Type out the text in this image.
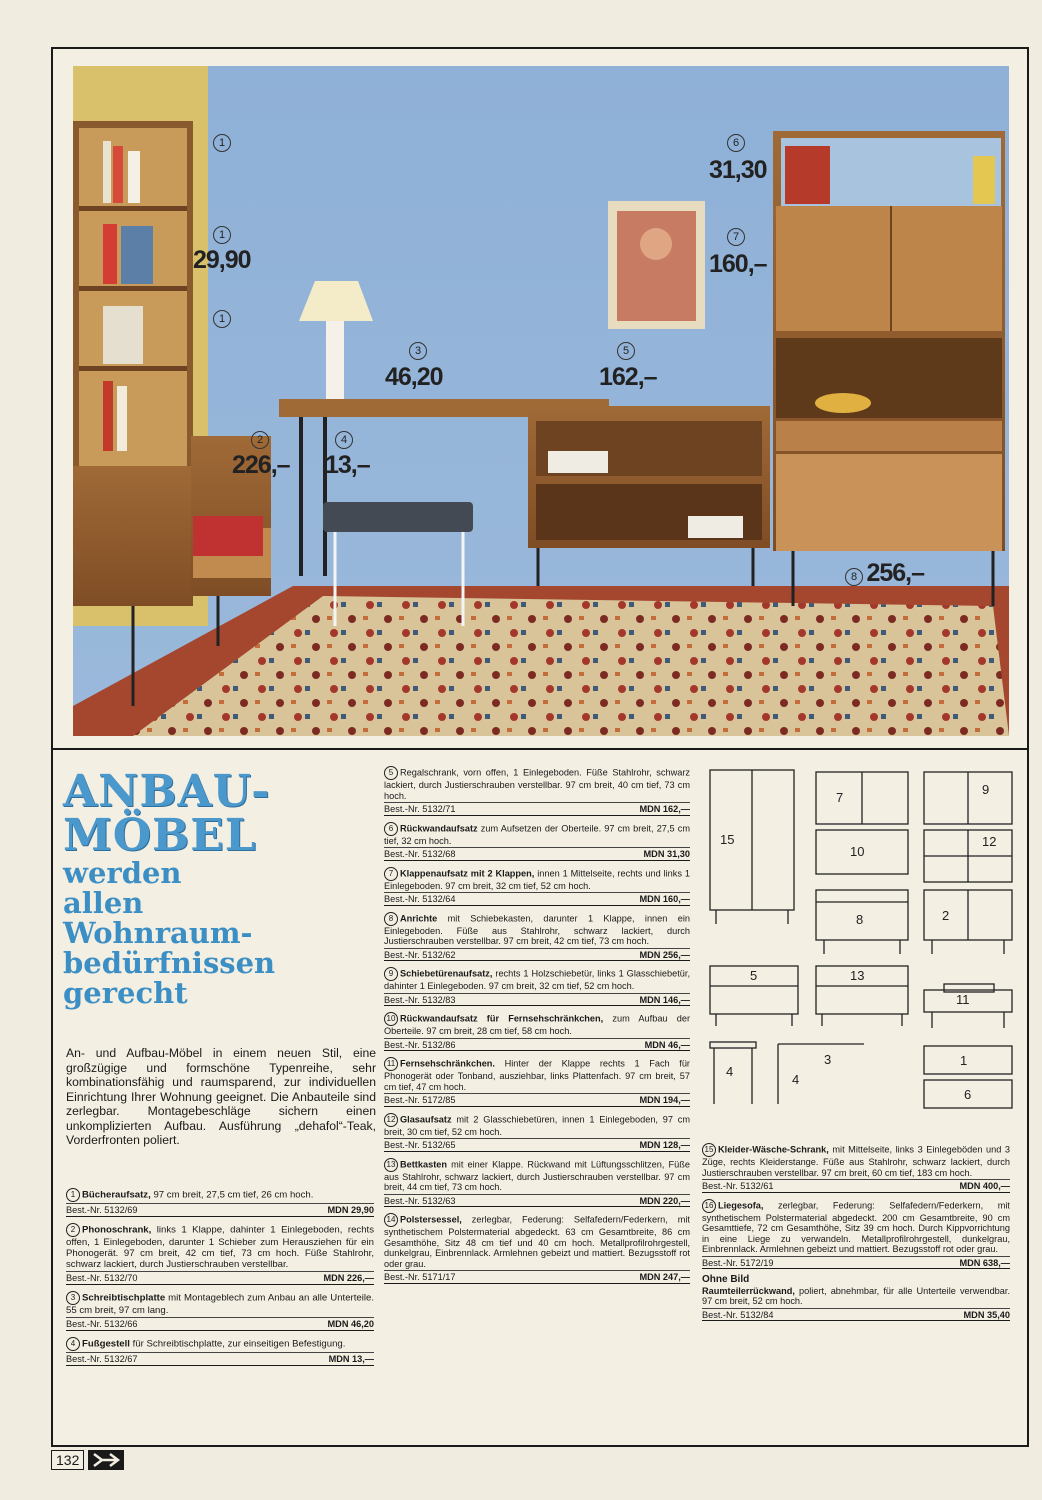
1
1
29,90
1
2
226,–
3
46,20
4
13,–
5
162,–
6
31,30
7
160,–
8 256,–
ANBAU-
MÖBEL
werden
allen
Wohnraum-
bedürfnissen
gerecht
An- und Aufbau-Möbel in einem neuen Stil, eine großzügige und formschöne Typenreihe, sehr kombinationsfähig und raumsparend, zur individuellen Einrichtung Ihrer Wohnung geeignet. Die Anbauteile sind zerlegbar. Montagebeschläge sichern einen unkomplizierten Aufbau. Ausführung „dehafol“-Teak, Vorderfronten poliert.
1 Bücheraufsatz, 97 cm breit, 27,5 cm tief, 26 cm hoch.
Best.-Nr. 5132/69	MDN 29,90
2 Phonoschrank, links 1 Klappe, dahinter 1 Einlegeboden, rechts offen, 1 Einlegeboden, darunter 1 Schieber zum Herausziehen für ein Phonogerät. 97 cm breit, 42 cm tief, 73 cm hoch. Füße Stahlrohr, schwarz lackiert, durch Justierschrauben verstellbar.
Best.-Nr. 5132/70	MDN 226,—
3 Schreibtischplatte mit Montageblech zum Anbau an alle Unterteile. 55 cm breit, 97 cm lang.
Best.-Nr. 5132/66	MDN 46,20
4 Fußgestell für Schreibtischplatte, zur einseitigen Befestigung.
Best.-Nr. 5132/67	MDN 13,—
5 Regalschrank, vorn offen, 1 Einlegeboden. Füße Stahlrohr, schwarz lackiert, durch Justierschrauben verstellbar. 97 cm breit, 40 cm tief, 73 cm hoch.
Best.-Nr. 5132/71	MDN 162,—
6 Rückwandaufsatz zum Aufsetzen der Oberteile. 97 cm breit, 27,5 cm tief, 32 cm hoch.
Best.-Nr. 5132/68	MDN 31,30
7 Klappenaufsatz mit 2 Klappen, innen 1 Mittelseite, rechts und links 1 Einlegeboden. 97 cm breit, 32 cm tief, 52 cm hoch.
Best.-Nr. 5132/64	MDN 160,—
8 Anrichte mit Schiebekasten, darunter 1 Klappe, innen ein Einlegeboden. Füße aus Stahlrohr, schwarz lackiert, durch Justierschrauben verstellbar. 97 cm breit, 42 cm tief, 73 cm hoch.
Best.-Nr. 5132/62	MDN 256,—
9 Schiebetürenaufsatz, rechts 1 Holzschiebetür, links 1 Glasschiebetür, dahinter 1 Einlegeboden. 97 cm breit, 32 cm tief, 52 cm hoch.
Best.-Nr. 5132/83	MDN 146,—
10 Rückwandaufsatz für Fernsehschränkchen, zum Aufbau der Oberteile. 97 cm breit, 28 cm tief, 58 cm hoch.
Best.-Nr. 5132/86	MDN 46,—
11 Fernsehschränkchen. Hinter der Klappe rechts 1 Fach für Phonogerät oder Tonband, ausziehbar, links Plattenfach. 97 cm breit, 57 cm tief, 47 cm hoch.
Best.-Nr. 5172/85	MDN 194,—
12 Glasaufsatz mit 2 Glasschiebetüren, innen 1 Einlegeboden, 97 cm breit, 30 cm tief, 52 cm hoch.
Best.-Nr. 5132/65	MDN 128,—
13 Bettkasten mit einer Klappe. Rückwand mit Lüftungsschlitzen, Füße aus Stahlrohr, schwarz lackiert, durch Justierschrauben verstellbar. 97 cm breit, 44 cm tief, 73 cm hoch.
Best.-Nr. 5132/63	MDN 220,—
14 Polstersessel, zerlegbar, Federung: Selfafedern/Federkern, mit synthetischem Polstermaterial abgedeckt. 63 cm Gesamtbreite, 86 cm Gesamthöhe, Sitz 48 cm tief und 40 cm hoch. Metallprofilrohrgestell, dunkelgrau, Einbrennlack. Armlehnen gebeizt und mattiert. Bezugsstoff rot oder grau.
Best.-Nr. 5171/17	MDN 247,—
15
7
9
10
12
8	2
5	13
11
4
4
3	1
6
15 Kleider-Wäsche-Schrank, mit Mittelseite, links 3 Einlegeböden und 3 Züge, rechts Kleiderstange. Füße aus Stahlrohr, schwarz lackiert, durch Justierschrauben verstellbar. 97 cm breit, 60 cm tief, 183 cm hoch.
Best.-Nr. 5132/61	MDN 400,—
16 Liegesofa, zerlegbar, Federung: Selfafedern/Federkern, mit synthetischem Polstermaterial abgedeckt. 200 cm Gesamtbreite, 90 cm Gesamttiefe, 72 cm Gesamthöhe, Sitz 39 cm hoch. Durch Kippvorrichtung in eine Liege zu verwandeln. Metallprofilrohrgestell, dunkelgrau, Einbrennlack. Armlehnen gebeizt und mattiert. Bezugsstoff rot oder grau.
Best.-Nr. 5172/19	MDN 638,—
Ohne Bild
Raumteilerrückwand, poliert, abnehmbar, für alle Unterteile verwendbar. 97 cm breit, 52 cm hoch.
Best.-Nr. 5132/84	MDN 35,40
132
